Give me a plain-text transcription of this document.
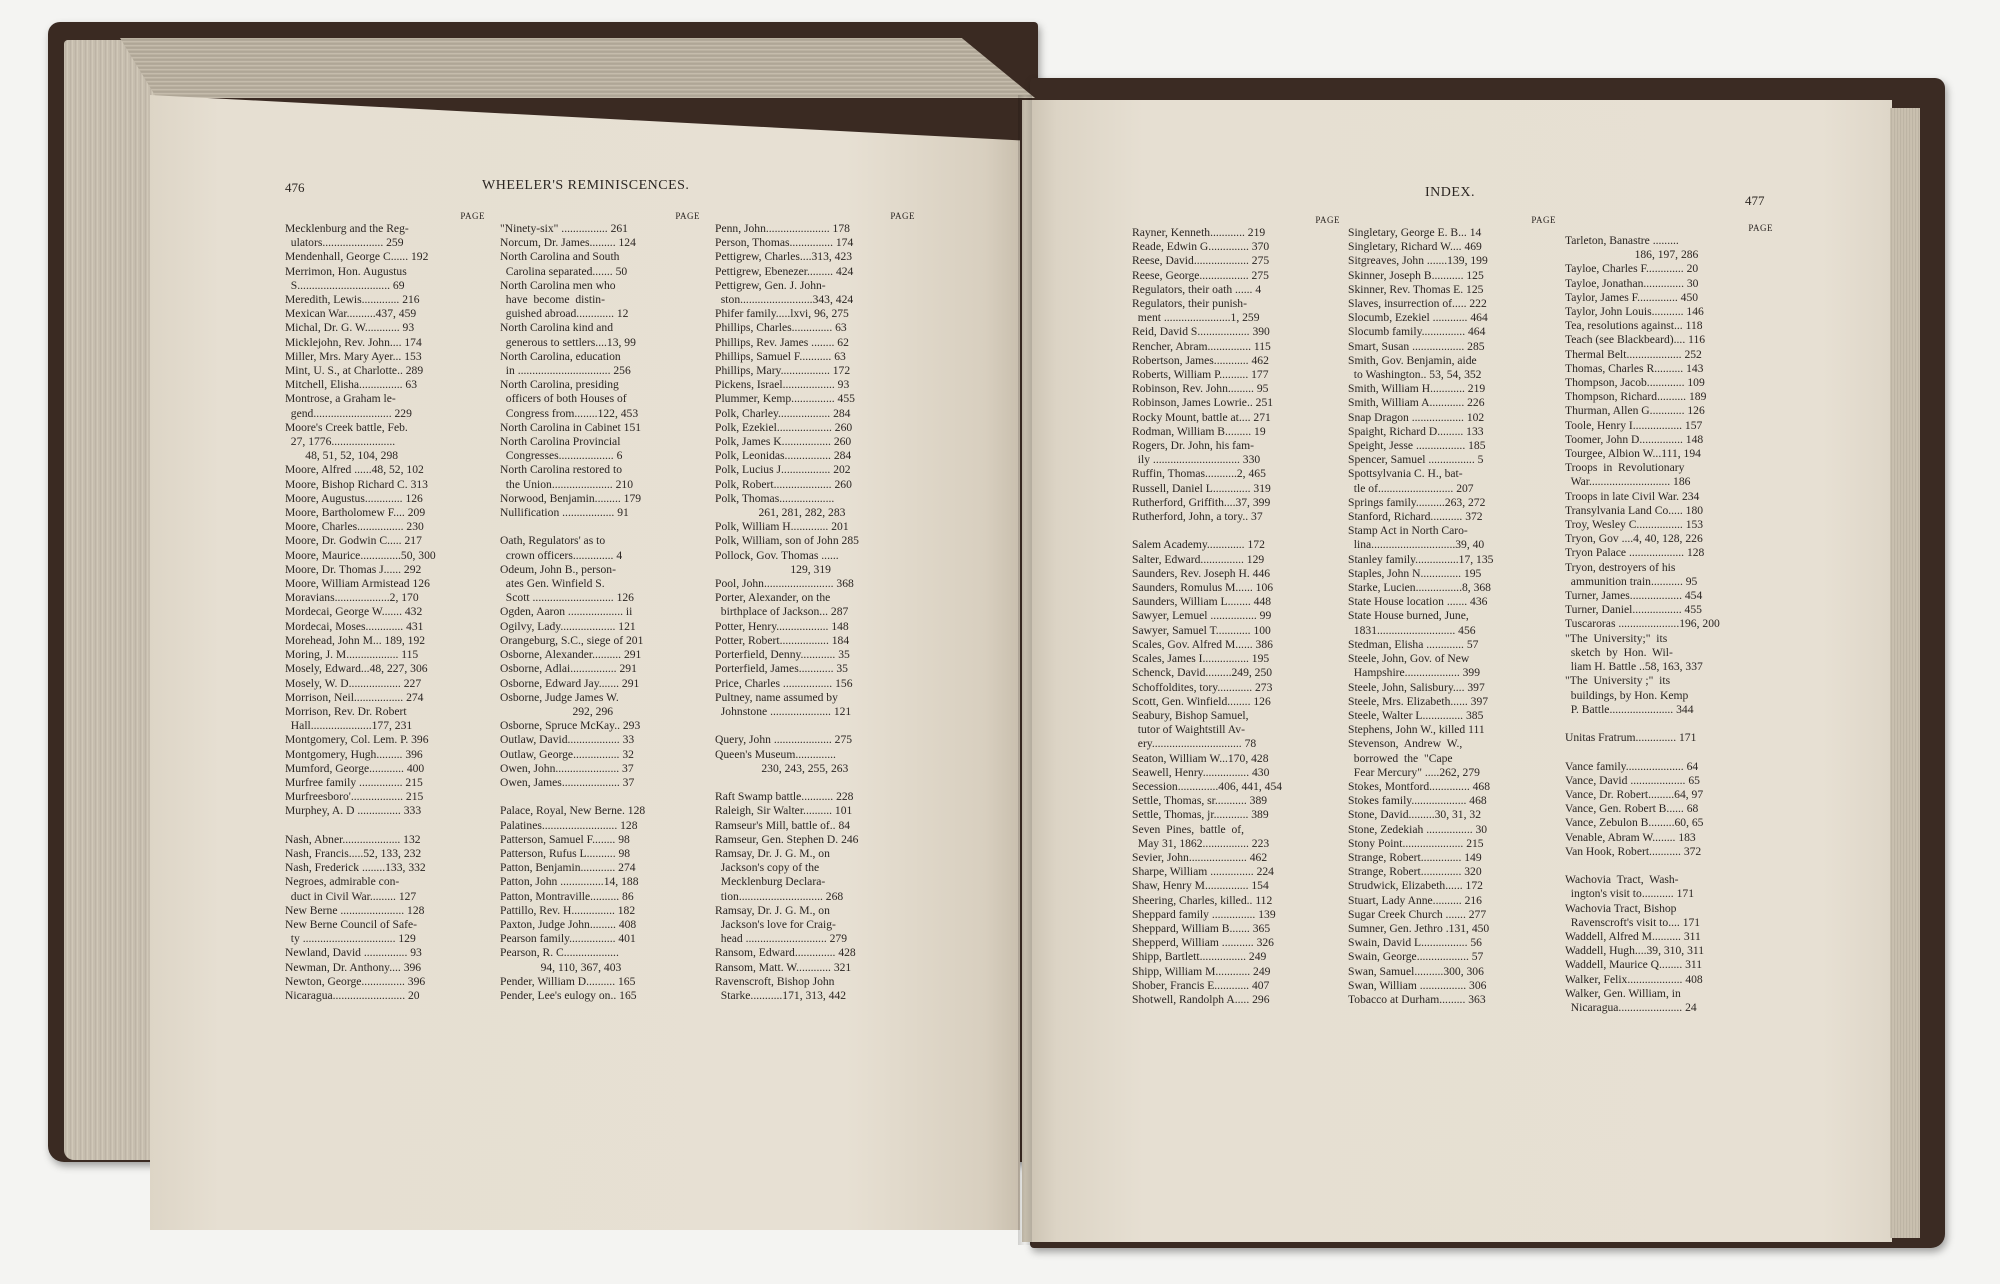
476	WHEELER'S REMINISCENCES.	INDEX.
477
PAGE
Mecklenburg and the Reg-
ulators..................... 259
Mendenhall, George C...... 192
Merrimon, Hon. Augustus
S................................ 69
Meredith, Lewis............. 216
Mexican War..........437, 459
Michal, Dr. G. W............ 93
Micklejohn, Rev. John.... 174
Miller, Mrs. Mary Ayer... 153
Mint, U. S., at Charlotte.. 289
Mitchell, Elisha............... 63
Montrose, a Graham le-
gend........................... 229
Moore's Creek battle, Feb.
27, 1776......................
48, 51, 52, 104, 298
Moore, Alfred ......48, 52, 102
Moore, Bishop Richard C. 313
Moore, Augustus............. 126
Moore, Bartholomew F.... 209
Moore, Charles................ 230
Moore, Dr. Godwin C..... 217
Moore, Maurice..............50, 300
Moore, Dr. Thomas J...... 292
Moore, William Armistead 126
Moravians...................2, 170
Mordecai, George W....... 432
Mordecai, Moses............. 431
Morehead, John M... 189, 192
Moring, J. M.................. 115
Mosely, Edward...48, 227, 306
Mosely, W. D.................. 227
Morrison, Neil................. 274
Morrison, Rev. Dr. Robert
Hall.....................177, 231
Montgomery, Col. Lem. P. 396
Montgomery, Hugh......... 396
Mumford, George............ 400
Murfree family ............... 215
Murfreesboro'.................. 215
Murphey, A. D ............... 333

Nash, Abner.................... 132
Nash, Francis.....52, 133, 232
Nash, Frederick ........133, 332
Negroes, admirable con-
duct in Civil War......... 127
New Berne ...................... 128
New Berne Council of Safe-
ty ................................ 129
Newland, David ............... 93
Newman, Dr. Anthony.... 396
Newton, George............... 396
Nicaragua......................... 20
PAGE
"Ninety-six" ................ 261
Norcum, Dr. James......... 124
North Carolina and South
Carolina separated....... 50
North Carolina men who
have  become  distin-
guished abroad............. 12
North Carolina kind and
generous to settlers....13, 99
North Carolina, education
in ................................ 256
North Carolina, presiding
officers of both Houses of
Congress from........122, 453
North Carolina in Cabinet 151
North Carolina Provincial
Congresses................... 6
North Carolina restored to
the Union..................... 210
Norwood, Benjamin......... 179
Nullification .................. 91

Oath, Regulators' as to
crown officers.............. 4
Odeum, John B., person-
ates Gen. Winfield S.
Scott ............................ 126
Ogden, Aaron ................... ii
Ogilvy, Lady................... 121
Orangeburg, S.C., siege of 201
Osborne, Alexander.......... 291
Osborne, Adlai................ 291
Osborne, Edward Jay....... 291
Osborne, Judge James W.
292, 296
Osborne, Spruce McKay.. 293
Outlaw, David.................. 33
Outlaw, George................ 32
Owen, John...................... 37
Owen, James.................... 37

Palace, Royal, New Berne. 128
Palatines.......................... 128
Patterson, Samuel F........ 98
Patterson, Rufus L.......... 98
Patton, Benjamin............ 274
Patton, John ...............14, 188
Patton, Montraville.......... 86
Pattillo, Rev. H............... 182
Paxton, Judge John......... 408
Pearson family................ 401
Pearson, R. C...................
94, 110, 367, 403
Pender, William D.......... 165
Pender, Lee's eulogy on.. 165
PAGE
Penn, John...................... 178
Person, Thomas............... 174
Pettigrew, Charles....313, 423
Pettigrew, Ebenezer......... 424
Pettigrew, Gen. J. John-
ston.........................343, 424
Phifer family.....lxvi, 96, 275
Phillips, Charles.............. 63
Phillips, Rev. James ........ 62
Phillips, Samuel F........... 63
Phillips, Mary................. 172
Pickens, Israel.................. 93
Plummer, Kemp............... 455
Polk, Charley.................. 284
Polk, Ezekiel................... 260
Polk, James K................. 260
Polk, Leonidas................ 284
Polk, Lucius J................. 202
Polk, Robert.................... 260
Polk, Thomas...................
261, 281, 282, 283
Polk, William H............. 201
Polk, William, son of John 285
Pollock, Gov. Thomas ......
129, 319
Pool, John........................ 368
Porter, Alexander, on the
birthplace of Jackson... 287
Potter, Henry.................. 148
Potter, Robert................. 184
Porterfield, Denny............ 35
Porterfield, James............ 35
Price, Charles ................. 156
Pultney, name assumed by
Johnstone ..................... 121

Query, John .................... 275
Queen's Museum..............
230, 243, 255, 263

Raft Swamp battle........... 228
Raleigh, Sir Walter.......... 101
Ramseur's Mill, battle of.. 84
Ramseur, Gen. Stephen D. 246
Ramsay, Dr. J. G. M., on
Jackson's copy of the
Mecklenburg Declara-
tion............................. 268
Ramsay, Dr. J. G. M., on
Jackson's love for Craig-
head ............................ 279
Ransom, Edward.............. 428
Ransom, Matt. W............ 321
Ravenscroft, Bishop John
Starke...........171, 313, 442
PAGE
Rayner, Kenneth............ 219
Reade, Edwin G.............. 370
Reese, David................... 275
Reese, George................. 275
Regulators, their oath ...... 4
Regulators, their punish-
ment .......................1, 259
Reid, David S.................. 390
Rencher, Abram............... 115
Robertson, James............ 462
Roberts, William P.......... 177
Robinson, Rev. John......... 95
Robinson, James Lowrie.. 251
Rocky Mount, battle at.... 271
Rodman, William B......... 19
Rogers, Dr. John, his fam-
ily .............................. 330
Ruffin, Thomas...........2, 465
Russell, Daniel L............. 319
Rutherford, Griffith....37, 399
Rutherford, John, a tory.. 37

Salem Academy............. 172
Salter, Edward............... 129
Saunders, Rev. Joseph H. 446
Saunders, Romulus M...... 106
Saunders, William L........ 448
Sawyer, Lemuel ................ 99
Sawyer, Samuel T............ 100
Scales, Gov. Alfred M...... 386
Scales, James I................ 195
Schenck, David.........249, 250
Schoffoldites, tory............ 273
Scott, Gen. Winfield........ 126
Seabury, Bishop Samuel,
tutor of Waightstill Av-
ery............................... 78
Seaton, William W...170, 428
Seawell, Henry................ 430
Secession..............406, 441, 454
Settle, Thomas, sr........... 389
Settle, Thomas, jr............ 389
Seven  Pines,  battle  of,
May 31, 1862................ 223
Sevier, John.................... 462
Sharpe, William ............... 224
Shaw, Henry M............... 154
Sheering, Charles, killed.. 112
Sheppard family ............... 139
Sheppard, William B....... 365
Shepperd, William ........... 326
Shipp, Bartlett................ 249
Shipp, William M............ 249
Shober, Francis E............ 407
Shotwell, Randolph A..... 296
PAGE
Singletary, George E. B... 14
Singletary, Richard W.... 469
Sitgreaves, John .......139, 199
Skinner, Joseph B........... 125
Skinner, Rev. Thomas E. 125
Slaves, insurrection of..... 222
Slocumb, Ezekiel ............ 464
Slocumb family............... 464
Smart, Susan .................. 285
Smith, Gov. Benjamin, aide
to Washington.. 53, 54, 352
Smith, William H............ 219
Smith, William A............ 226
Snap Dragon .................. 102
Spaight, Richard D......... 133
Speight, Jesse ................. 185
Spencer, Samuel ................ 5
Spottsylvania C. H., bat-
tle of.......................... 207
Springs family..........263, 272
Stanford, Richard........... 372
Stamp Act in North Caro-
lina.............................39, 40
Stanley family...............17, 135
Staples, John N.............. 195
Starke, Lucien................8, 368
State House location ....... 436
State House burned, June,
1831........................... 456
Stedman, Elisha ............. 57
Steele, John, Gov. of New
Hampshire................... 399
Steele, John, Salisbury.... 397
Steele, Mrs. Elizabeth...... 397
Steele, Walter L.............. 385
Stephens, John W., killed 111
Stevenson,  Andrew  W.,
borrowed  the  "Cape
Fear Mercury" .....262, 279
Stokes, Montford.............. 468
Stokes family................... 468
Stone, David.........30, 31, 32
Stone, Zedekiah ................ 30
Stony Point..................... 215
Strange, Robert.............. 149
Strange, Robert.............. 320
Strudwick, Elizabeth...... 172
Stuart, Lady Anne.......... 216
Sugar Creek Church ....... 277
Sumner, Gen. Jethro .131, 450
Swain, David L................ 56
Swain, George.................. 57
Swan, Samuel..........300, 306
Swan, William ................ 306
Tobacco at Durham......... 363
PAGE
Tarleton, Banastre .........
186, 197, 286
Tayloe, Charles F............. 20
Tayloe, Jonathan.............. 30
Taylor, James F.............. 450
Taylor, John Louis........... 146
Tea, resolutions against... 118
Teach (see Blackbeard).... 116
Thermal Belt................... 252
Thomas, Charles R.......... 143
Thompson, Jacob............. 109
Thompson, Richard.......... 189
Thurman, Allen G............ 126
Toole, Henry I................. 157
Toomer, John D............... 148
Tourgee, Albion W...111, 194
Troops  in  Revolutionary
War............................ 186
Troops in late Civil War. 234
Transylvania Land Co..... 180
Troy, Wesley C................ 153
Tryon, Gov ....4, 40, 128, 226
Tryon Palace ................... 128
Tryon, destroyers of his
ammunition train........... 95
Turner, James.................. 454
Turner, Daniel................. 455
Tuscaroras .....................196, 200
"The  University;"  its
sketch  by  Hon.  Wil-
liam H. Battle ..58, 163, 337
"The  University ;"  its
buildings, by Hon. Kemp
P. Battle...................... 344

Unitas Fratrum.............. 171

Vance family.................... 64
Vance, David ................... 65
Vance, Dr. Robert.........64, 97
Vance, Gen. Robert B...... 68
Vance, Zebulon B.........60, 65
Venable, Abram W........ 183
Van Hook, Robert........... 372

Wachovia  Tract,  Wash-
ington's visit to........... 171
Wachovia Tract, Bishop
Ravenscroft's visit to.... 171
Waddell, Alfred M.......... 311
Waddell, Hugh....39, 310, 311
Waddell, Maurice Q........ 311
Walker, Felix................... 408
Walker, Gen. William, in
Nicaragua...................... 24
